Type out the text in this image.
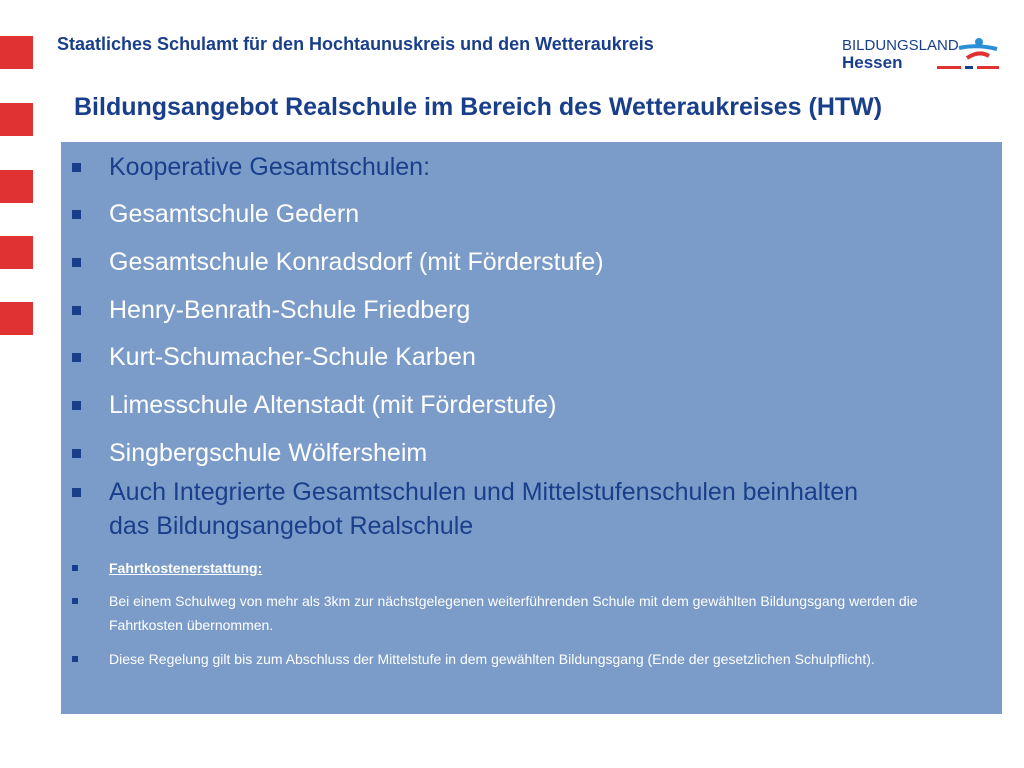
Staatliches Schulamt für den Hochtaunuskreis und den Wetteraukreis	BILDUNGSLAND
Hessen
Bildungsangebot Realschule im Bereich des Wetteraukreises (HTW)
Kooperative Gesamtschulen:
Gesamtschule Gedern
Gesamtschule Konradsdorf (mit Förderstufe)
Henry-Benrath-Schule Friedberg
Kurt-Schumacher-Schule Karben
Limesschule Altenstadt (mit Förderstufe)
Singbergschule Wölfersheim
Auch Integrierte Gesamtschulen und Mittelstufenschulen beinhalten
das Bildungsangebot Realschule
Fahrtkostenerstattung:
Bei einem Schulweg von mehr als 3km zur nächstgelegenen weiterführenden Schule mit dem gewählten Bildungsgang werden die Fahrtkosten übernommen.
Diese Regelung gilt bis zum Abschluss der Mittelstufe in dem gewählten Bildungsgang (Ende der gesetzlichen Schulpflicht).
